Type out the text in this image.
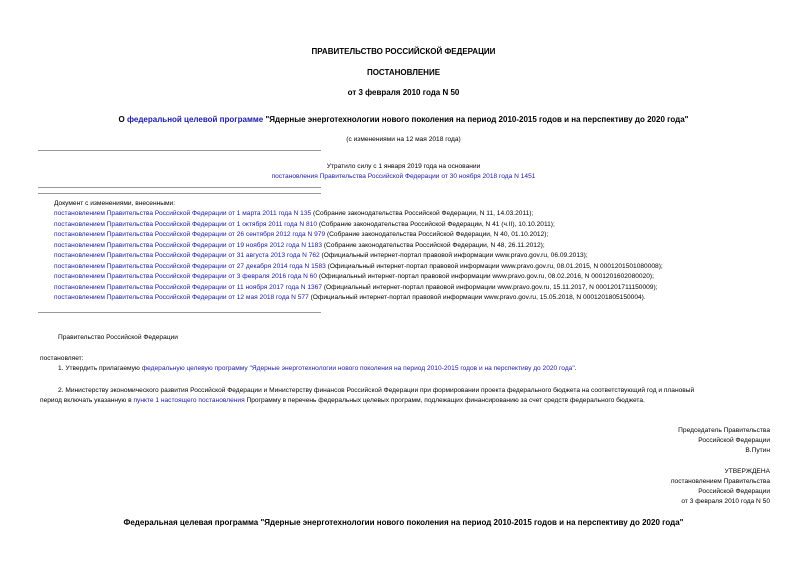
ПРАВИТЕЛЬСТВО РОССИЙСКОЙ ФЕДЕРАЦИИ
ПОСТАНОВЛЕНИЕ
от 3 февраля 2010 года N 50
О федеральной целевой программе "Ядерные энерготехнологии нового поколения на период 2010-2015 годов и на перспективу до 2020 года"
(с изменениями на 12 мая 2018 года)
Утратило силу с 1 января 2019 года на основании
постановления Правительства Российской Федерации от 30 ноября 2018 года N 1451
Документ с изменениями, внесенными:
постановлением Правительства Российской Федерации от 1 марта 2011 года N 135 (Собрание законодательства Российской Федерации, N 11, 14.03.2011);
постановлением Правительства Российской Федерации от 1 октября 2011 года N 810 (Собрание законодательства Российской Федерации, N 41 (ч.II), 10.10.2011);
постановлением Правительства Российской Федерации от 26 сентября 2012 года N 979 (Собрание законодательства Российской Федерации, N 40, 01.10.2012);
постановлением Правительства Российской Федерации от 19 ноября 2012 года N 1183 (Собрание законодательства Российской Федерации, N 48, 26.11.2012);
постановлением Правительства Российской Федерации от 31 августа 2013 года N 762 (Официальный интернет-портал правовой информации www.pravo.gov.ru, 06.09.2013);
постановлением Правительства Российской Федерации от 27 декабря 2014 года N 1583 (Официальный интернет-портал правовой информации www.pravo.gov.ru, 08.01.2015, N 0001201501080008);
постановлением Правительства Российской Федерации от 3 февраля 2016 года N 60 (Официальный интернет-портал правовой информации www.pravo.gov.ru, 08.02.2016, N 0001201602080020);
постановлением Правительства Российской Федерации от 11 ноября 2017 года N 1367 (Официальный интернет-портал правовой информации www.pravo.gov.ru, 15.11.2017, N 0001201711150009);
постановлением Правительства Российской Федерации от 12 мая 2018 года N 577 (Официальный интернет-портал правовой информации www.pravo.gov.ru, 15.05.2018, N 0001201805150004).
Правительство Российской Федерации
постановляет:
1. Утвердить прилагаемую федеральную целевую программу "Ядерные энерготехнологии нового поколения на период 2010-2015 годов и на перспективу до 2020 года".
2. Министерству экономического развития Российской Федерации и Министерству финансов Российской Федерации при формировании проекта федерального бюджета на соответствующий год и плановый
период включать указанную в пункте 1 настоящего постановления Программу в перечень федеральных целевых программ, подлежащих финансированию за счет средств федерального бюджета.
Председатель Правительства
Российской Федерации
В.Путин
УТВЕРЖДЕНА
постановлением Правительства
Российской Федерации
от 3 февраля 2010 года N 50
Федеральная целевая программа "Ядерные энерготехнологии нового поколения на период 2010-2015 годов и на перспективу до 2020 года"
